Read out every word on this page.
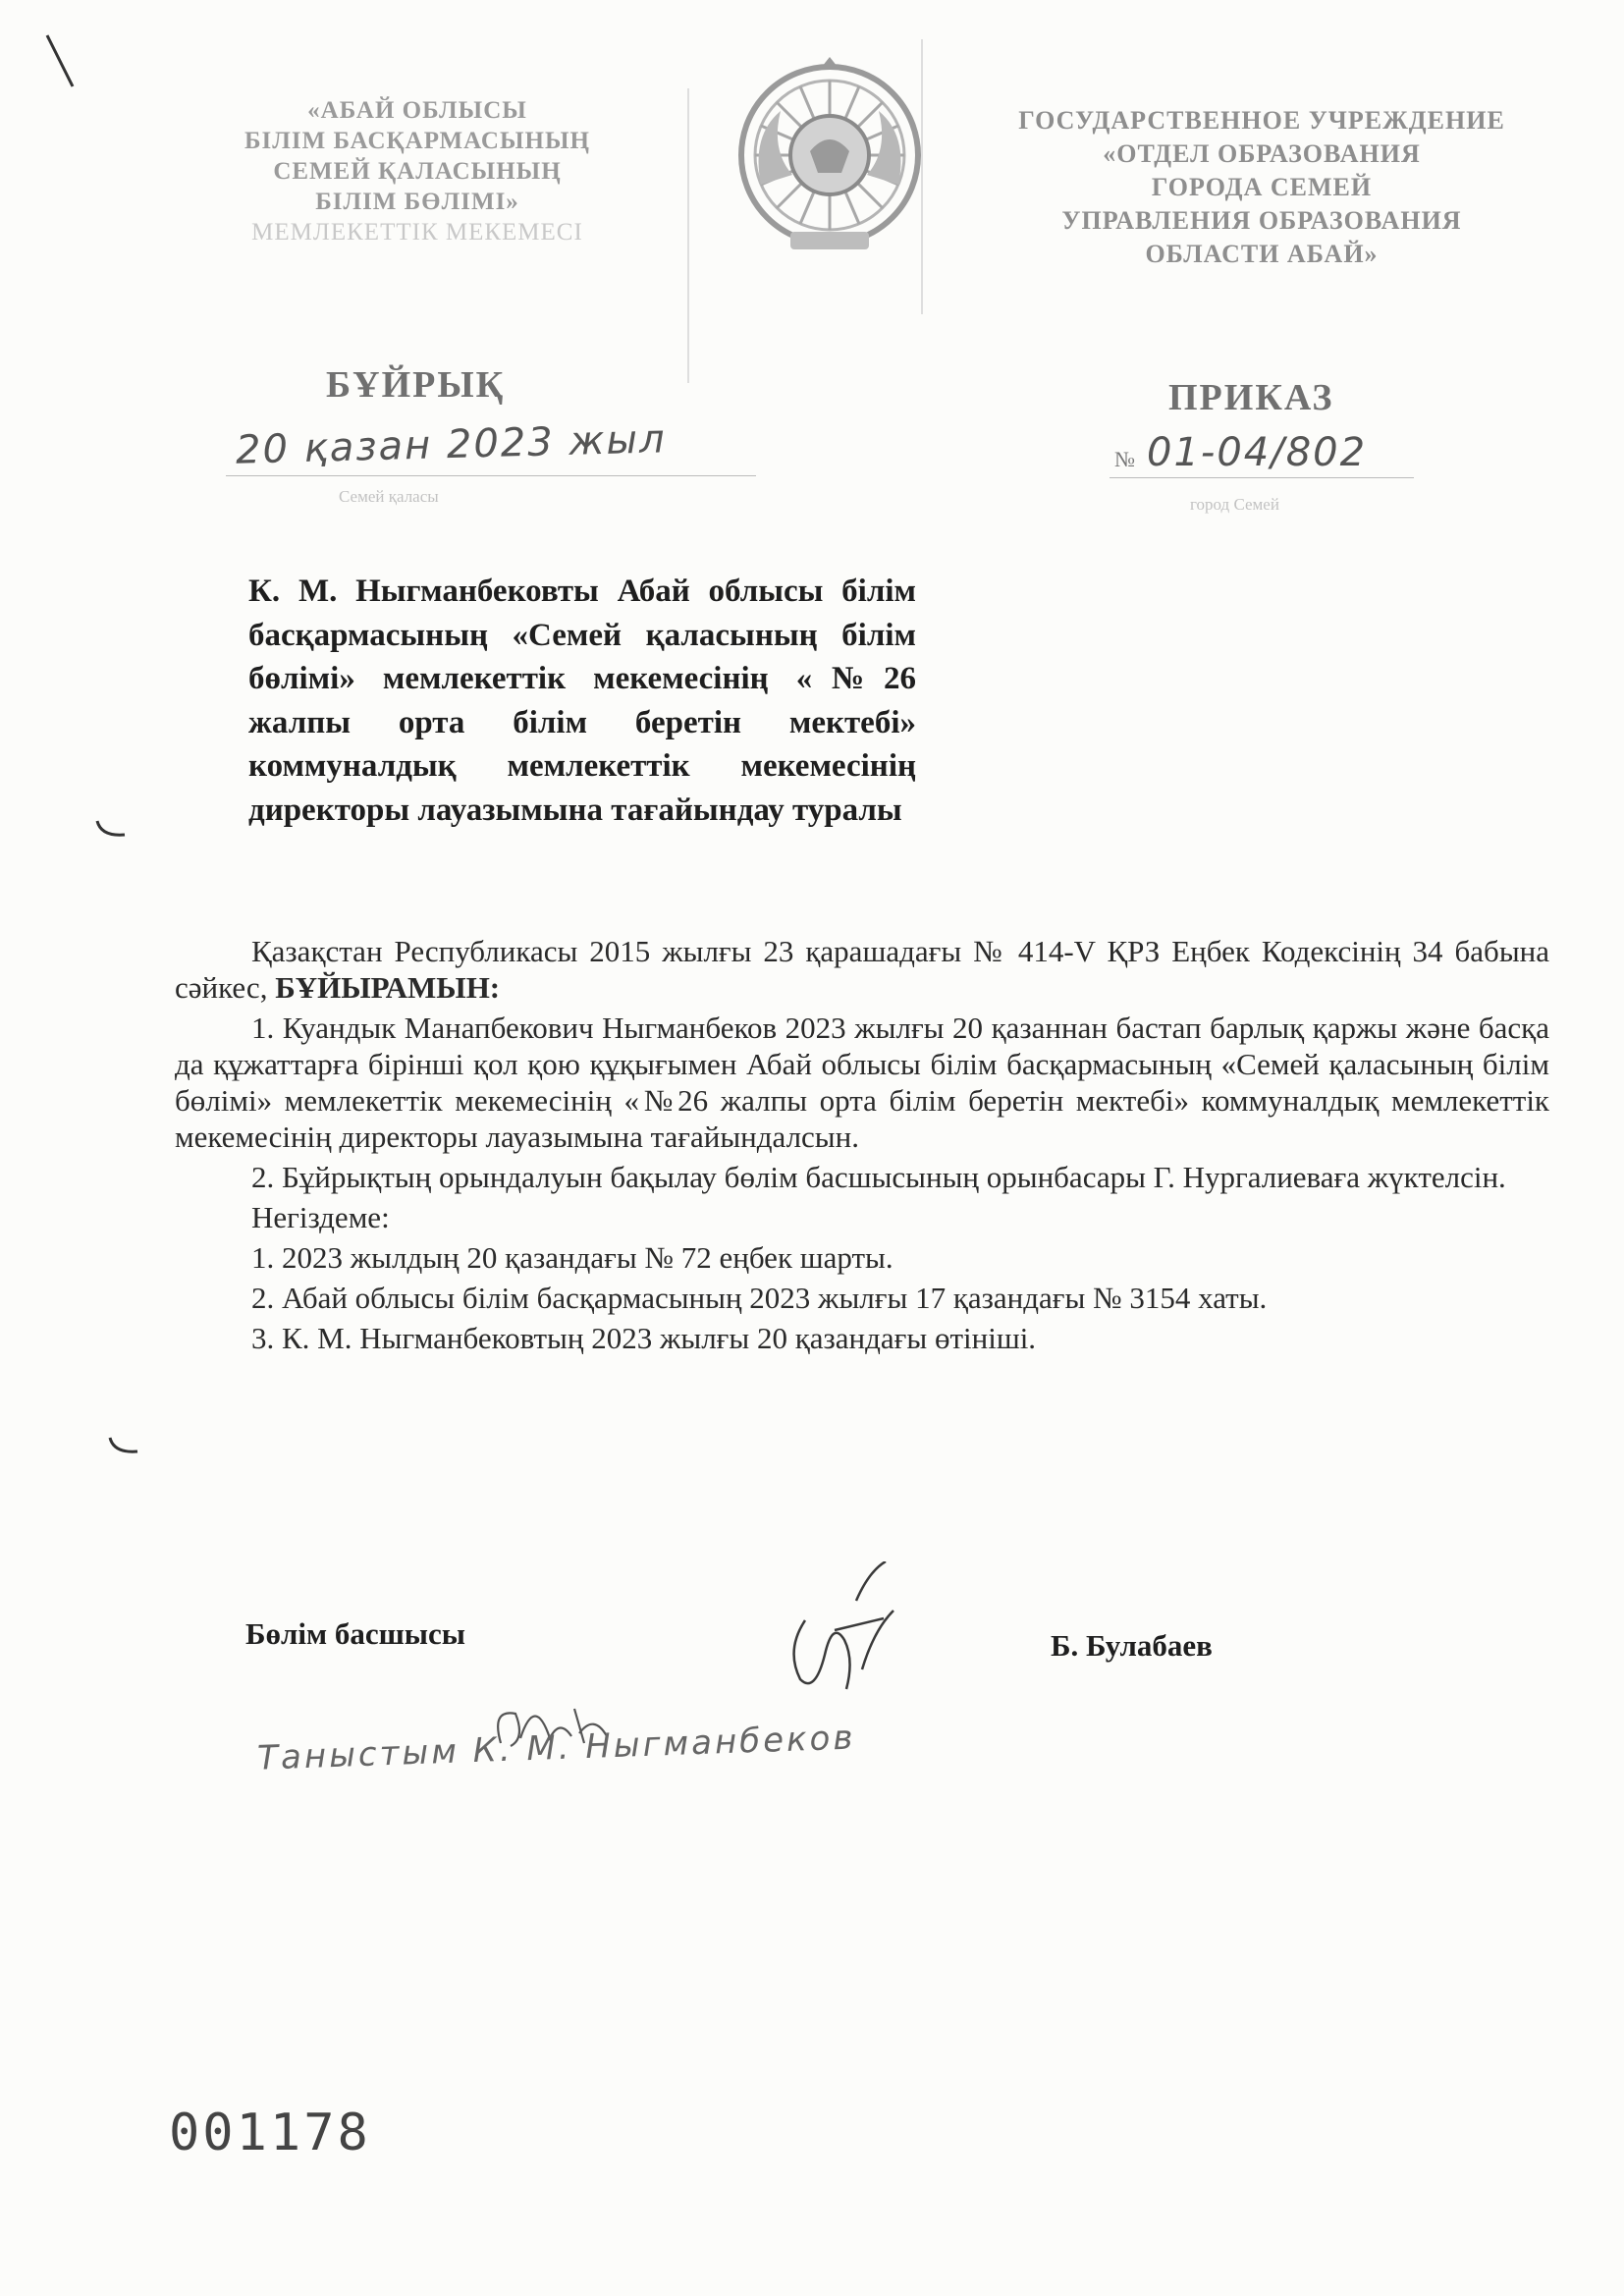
«АБАЙ ОБЛЫСЫ
БІЛІМ БАСҚАРМАСЫНЫҢ
СЕМЕЙ ҚАЛАСЫНЫҢ
БІЛІМ БӨЛІМІ»
МЕМЛЕКЕТТІК МЕКЕМЕСІ
ГОСУДАРСТВЕННОЕ УЧРЕЖДЕНИЕ
«ОТДЕЛ ОБРАЗОВАНИЯ
ГОРОДА СЕМЕЙ
УПРАВЛЕНИЯ ОБРАЗОВАНИЯ
ОБЛАСТИ АБАЙ»
БҰЙРЫҚ	ПРИКАЗ
20 қазан 2023 жыл
Семей қаласы
№ 01-04/802
город Семей

К. М. Ныгманбековты Абай облысы білім басқармасының «Семей қаласының білім бөлімі» мемлекеттік мекемесінің «№26 жалпы орта білім беретін мектебі» коммуналдық мемлекеттік мекемесінің директоры лауазымына тағайындау туралы

Қазақстан Республикасы 2015 жылғы 23 қарашадағы № 414-V ҚРЗ Еңбек Кодексінің 34 бабына сәйкес, БҰЙЫРАМЫН:

1. Куандык Манапбекович Ныгманбеков 2023 жылғы 20 қазаннан бастап барлық қаржы және басқа да құжаттарға бірінші қол қою құқығымен Абай облысы білім басқармасының «Семей қаласының білім бөлімі» мемлекеттік мекемесінің «№26 жалпы орта білім беретін мектебі» коммуналдық мемлекеттік мекемесінің директоры лауазымына тағайындалсын.

2. Бұйрықтың орындалуын бақылау бөлім басшысының орынбасары Г. Нургалиеваға жүктелсін.

Негіздеме:

1. 2023 жылдың 20 қазандағы № 72 еңбек шарты.

2. Абай облысы білім басқармасының 2023 жылғы 17 қазандағы № 3154 хаты.

3. К. М. Ныгманбековтың 2023 жылғы 20 қазандағы өтініші.

Бөлім басшысы	Б. Булабаев
Таныстым К. М. Ныгманбеков
001178
